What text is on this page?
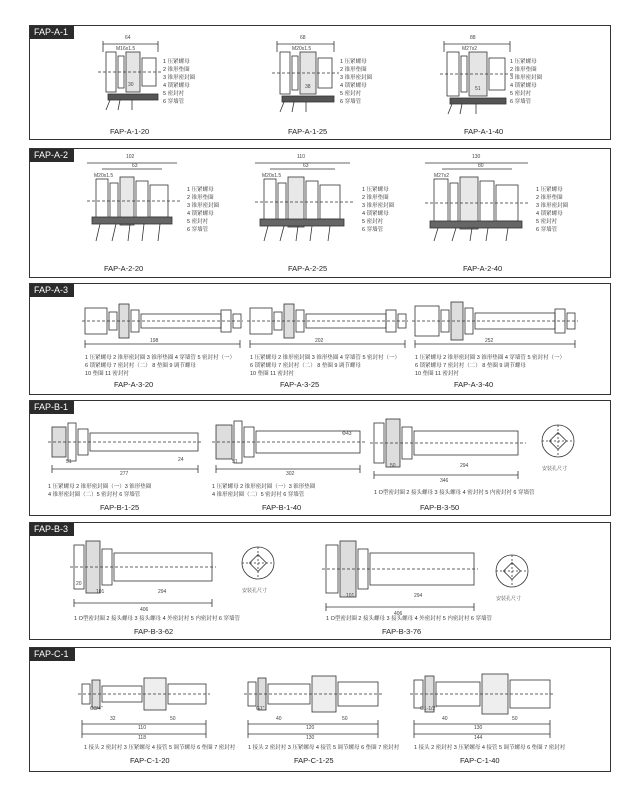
FAP-A-1
64
M16x1.5
30
1 压紧螺母
2 锥形垫圈
3 锥形密封圈
4 锁紧螺母
5 密封衬
6 穿墙管
FAP-A-1-20
68
M20x1.5
38
1 压紧螺母
2 锥形垫圈
3 锥形密封圈
4 锁紧螺母
5 密封衬
6 穿墙管
FAP-A-1-25
88
M27x2
51
1 压紧螺母
2 锥形垫圈
3 锥形密封圈
4 锁紧螺母
5 密封衬
6 穿墙管
FAP-A-1-40
FAP-A-2	102
63
M20x1.5
1 压紧螺母
2 锥形垫圈
3 锥形密封圈
4 锁紧螺母
5 密封衬
6 穿墙管
FAP-A-2-20
110
63
M20x1.5
1 压紧螺母
2 锥形垫圈
3 锥形密封圈
4 锁紧螺母
5 密封衬
6 穿墙管
FAP-A-2-25
130
80
M27x2
1 压紧螺母
2 锥形垫圈
3 锥形密封圈
4 锁紧螺母
5 密封衬
6 穿墙管
FAP-A-2-40
FAP-A-3
198
1 压紧螺母 2 锥形密封圈 3 锥形垫圈 4 穿墙管 5 密封衬（一）
6 锁紧螺母 7 密封衬（二） 8 垫圈 9 调节螺母
10 垫圈 11 密封衬
FAP-A-3-20
202
1 压紧螺母 2 锥形密封圈 3 锥形垫圈 4 穿墙管 5 密封衬（一）
6 锁紧螺母 7 密封衬（二） 8 垫圈 9 调节螺母
10 垫圈 11 密封衬
FAP-A-3-25
252
1 压紧螺母 2 锥形密封圈 3 锥形垫圈 4 穿墙管 5 密封衬（一）
6 锁紧螺母 7 密封衬（二） 8 垫圈 9 调节螺母
10 垫圈 11 密封衬
FAP-A-3-40
FAP-B-1
51
277
24
1 压紧螺母 2 锥形密封圈（一）3 锥形垫圈
4 锥形密封圈（二）5 密封衬 6 穿墙管
FAP-B-1-25
51
302
Φ43
1 压紧螺母 2 锥形密封圈（一）3 锥形垫圈
4 锥形密封圈（二）5 密封衬 6 穿墙管
FAP-B-1-40
50	294
346
1 O型密封圈 2 接头螺母 3 接头螺母 4 密封衬 5 内密封衬 6 穿墙管
FAP-B-3-50
安装孔尺寸
FAP-B-3
20
101	294
406
1 O型密封圈 2 接头螺母 3 接头螺母 4 外密封衬 5 内密封衬 6 穿墙管
FAP-B-3-62
安装孔尺寸
101	294
406
1 O型密封圈 2 接头螺母 3 接头螺母 4 外密封衬 5 内密封衬 6 穿墙管
FAP-B-3-76
安装孔尺寸
FAP-C-1
G3/4"
32
110
50
118
1 接头 2 密封衬 3 压紧螺母 4 接管 5 调节螺母 6 垫圈 7 密封衬
FAP-C-1-20
G1"
40
120
50
130
1 接头 2 密封衬 3 压紧螺母 4 接管 5 调节螺母 6 垫圈 7 密封衬
FAP-C-1-25
G1-1/2"
40
130
50
144
1 接头 2 密封衬 3 压紧螺母 4 接管 5 调节螺母 6 垫圈 7 密封衬
FAP-C-1-40
